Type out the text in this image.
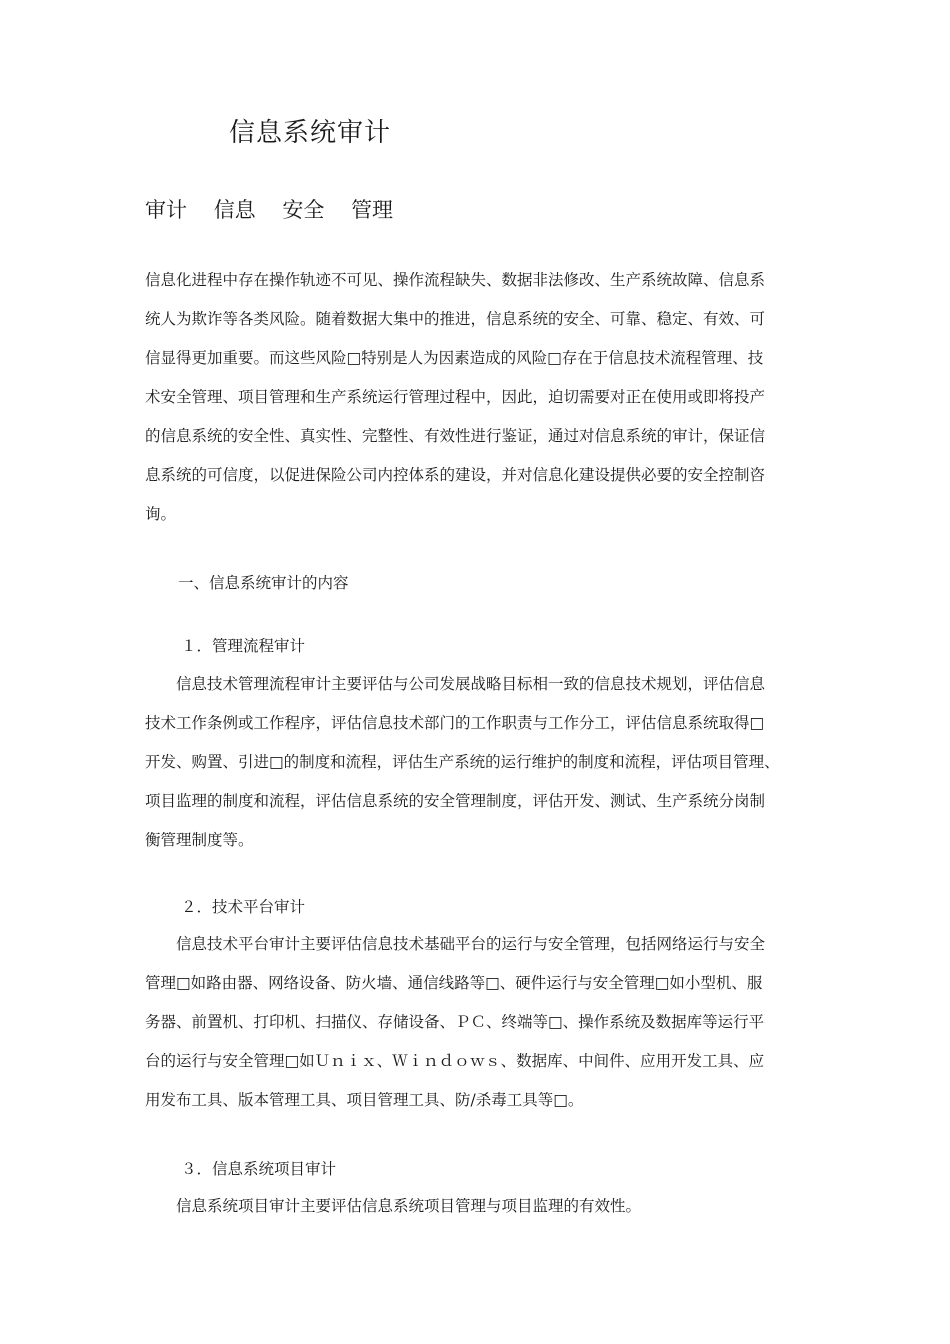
信息系统审计

审计 信息 安全 管理

信息化进程中存在操作轨迹不可见、操作流程缺失、数据非法修改、生产系统故障、信息系
统人为欺诈等各类风险。随着数据大集中的推进，信息系统的安全、可靠、稳定、有效、可
信显得更加重要。而这些风险□特别是人为因素造成的风险□存在于信息技术流程管理、技
术安全管理、项目管理和生产系统运行管理过程中，因此，迫切需要对正在使用或即将投产
的信息系统的安全性、真实性、完整性、有效性进行鉴证，通过对信息系统的审计，保证信
息系统的可信度，以促进保险公司内控体系的建设，并对信息化建设提供必要的安全控制咨
询。

一、信息系统审计的内容

１．管理流程审计

　　信息技术管理流程审计主要评估与公司发展战略目标相一致的信息技术规划，评估信息
技术工作条例或工作程序，评估信息技术部门的工作职责与工作分工，评估信息系统取得□
开发、购置、引进□的制度和流程，评估生产系统的运行维护的制度和流程，评估项目管理、
项目监理的制度和流程，评估信息系统的安全管理制度，评估开发、测试、生产系统分岗制
衡管理制度等。

２．技术平台审计

　　信息技术平台审计主要评估信息技术基础平台的运行与安全管理，包括网络运行与安全
管理□如路由器、网络设备、防火墙、通信线路等□、硬件运行与安全管理□如小型机、服
务器、前置机、打印机、扫描仪、存储设备、ＰＣ、终端等□、操作系统及数据库等运行平
台的运行与安全管理□如Ｕｎｉｘ、Ｗｉｎｄｏｗｓ、数据库、中间件、应用开发工具、应
用发布工具、版本管理工具、项目管理工具、防/杀毒工具等□。

３．信息系统项目审计

　　信息系统项目审计主要评估信息系统项目管理与项目监理的有效性。
